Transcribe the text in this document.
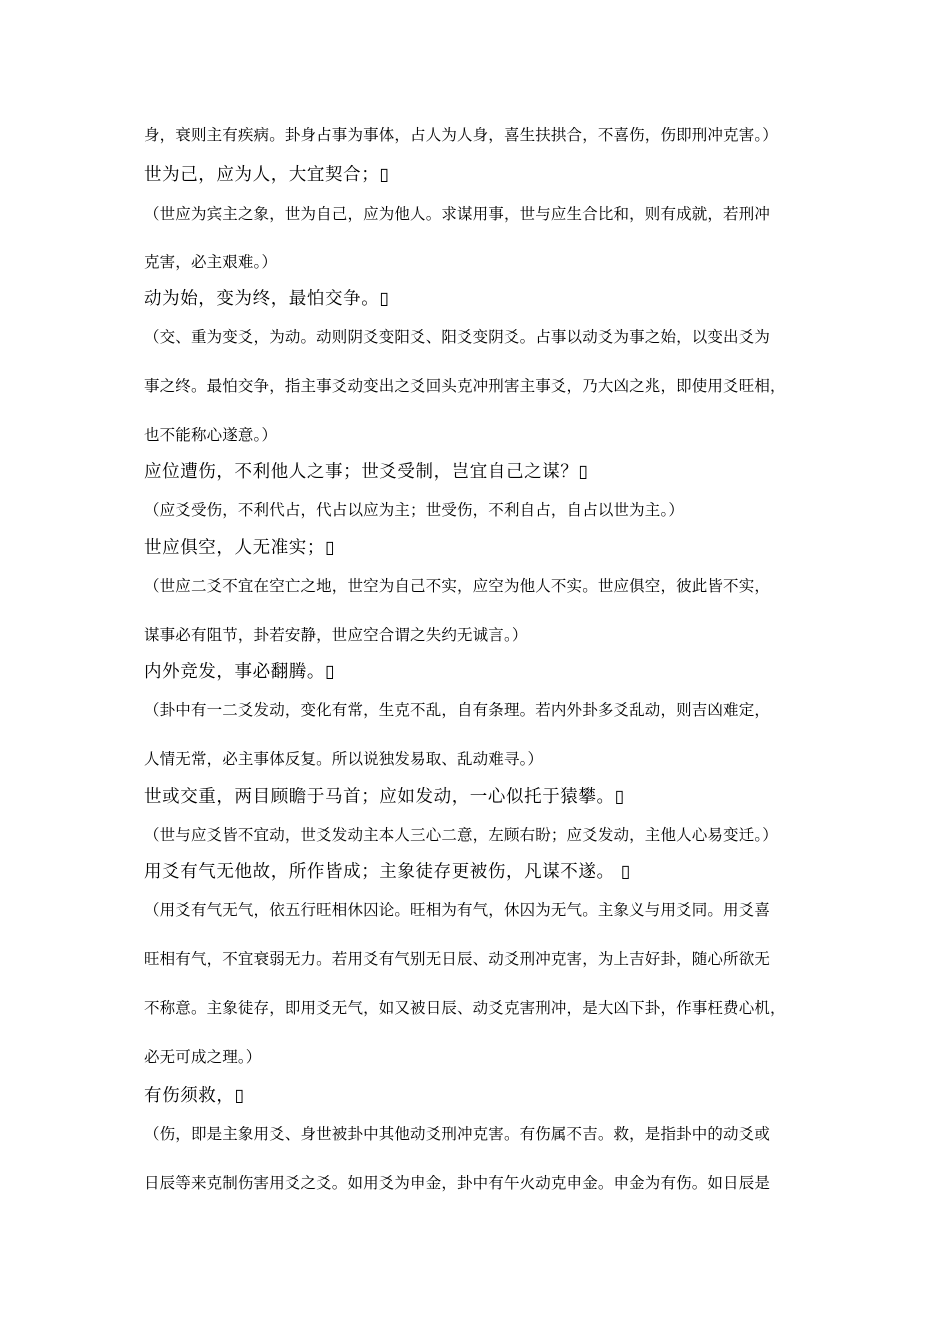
身，衰则主有疾病。卦身占事为事体，占人为人身，喜生扶拱合，不喜伤，伤即刑冲克害。）
世为己，应为人，大宜契合；▯
（世应为宾主之象，世为自己，应为他人。求谋用事，世与应生合比和，则有成就，若刑冲
克害，必主艰难。）
动为始，变为终，最怕交争。▯
（交、重为变爻，为动。动则阴爻变阳爻、阳爻变阴爻。占事以动爻为事之始，以变出爻为
事之终。最怕交争，指主事爻动变出之爻回头克冲刑害主事爻，乃大凶之兆，即使用爻旺相，
也不能称心遂意。）
应位遭伤，不利他人之事；世爻受制，岂宜自己之谋？▯
（应爻受伤，不利代占，代占以应为主；世受伤，不利自占，自占以世为主。）
世应俱空，人无准实；▯
（世应二爻不宜在空亡之地，世空为自己不实，应空为他人不实。世应俱空，彼此皆不实，
谋事必有阻节，卦若安静，世应空合谓之失约无诚言。）
内外竞发，事必翻腾。▯
（卦中有一二爻发动，变化有常，生克不乱，自有条理。若内外卦多爻乱动，则吉凶难定，
人情无常，必主事体反复。所以说独发易取、乱动难寻。）
世或交重，两目顾瞻于马首；应如发动，一心似托于猿攀。▯
（世与应爻皆不宜动，世爻发动主本人三心二意，左顾右盼；应爻发动，主他人心易变迁。）
用爻有气无他故，所作皆成；主象徒存更被伤，凡谋不遂。 ▯
（用爻有气无气，依五行旺相休囚论。旺相为有气，休囚为无气。主象义与用爻同。用爻喜
旺相有气，不宜衰弱无力。若用爻有气别无日辰、动爻刑冲克害，为上吉好卦，随心所欲无
不称意。主象徒存，即用爻无气，如又被日辰、动爻克害刑冲，是大凶下卦，作事枉费心机，
必无可成之理。）
有伤须救，▯
（伤，即是主象用爻、身世被卦中其他动爻刑冲克害。有伤属不吉。救，是指卦中的动爻或
日辰等来克制伤害用爻之爻。如用爻为申金，卦中有午火动克申金。申金为有伤。如日辰是
